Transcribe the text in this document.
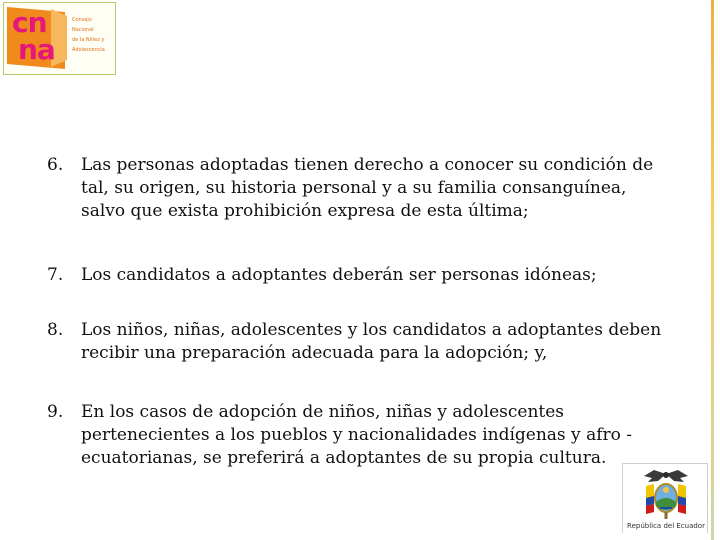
cn
na
Consejo
Nacional
de la Niñez y
Adolescencia
6. Las personas adoptadas tienen derecho a conocer su condición de

tal, su origen, su historia personal y a su familia consanguínea,

salvo que exista prohibición expresa de esta última;

7. Los candidatos a adoptantes deberán ser personas idóneas;

8. Los niños, niñas, adolescentes y los candidatos a adoptantes deben

recibir una preparación adecuada para la adopción; y,

9. En los casos de adopción de niños, niñas y adolescentes

pertenecientes a los pueblos y nacionalidades indígenas y afro -

ecuatorianas, se preferirá a adoptantes de su propia cultura.

República del Ecuador
